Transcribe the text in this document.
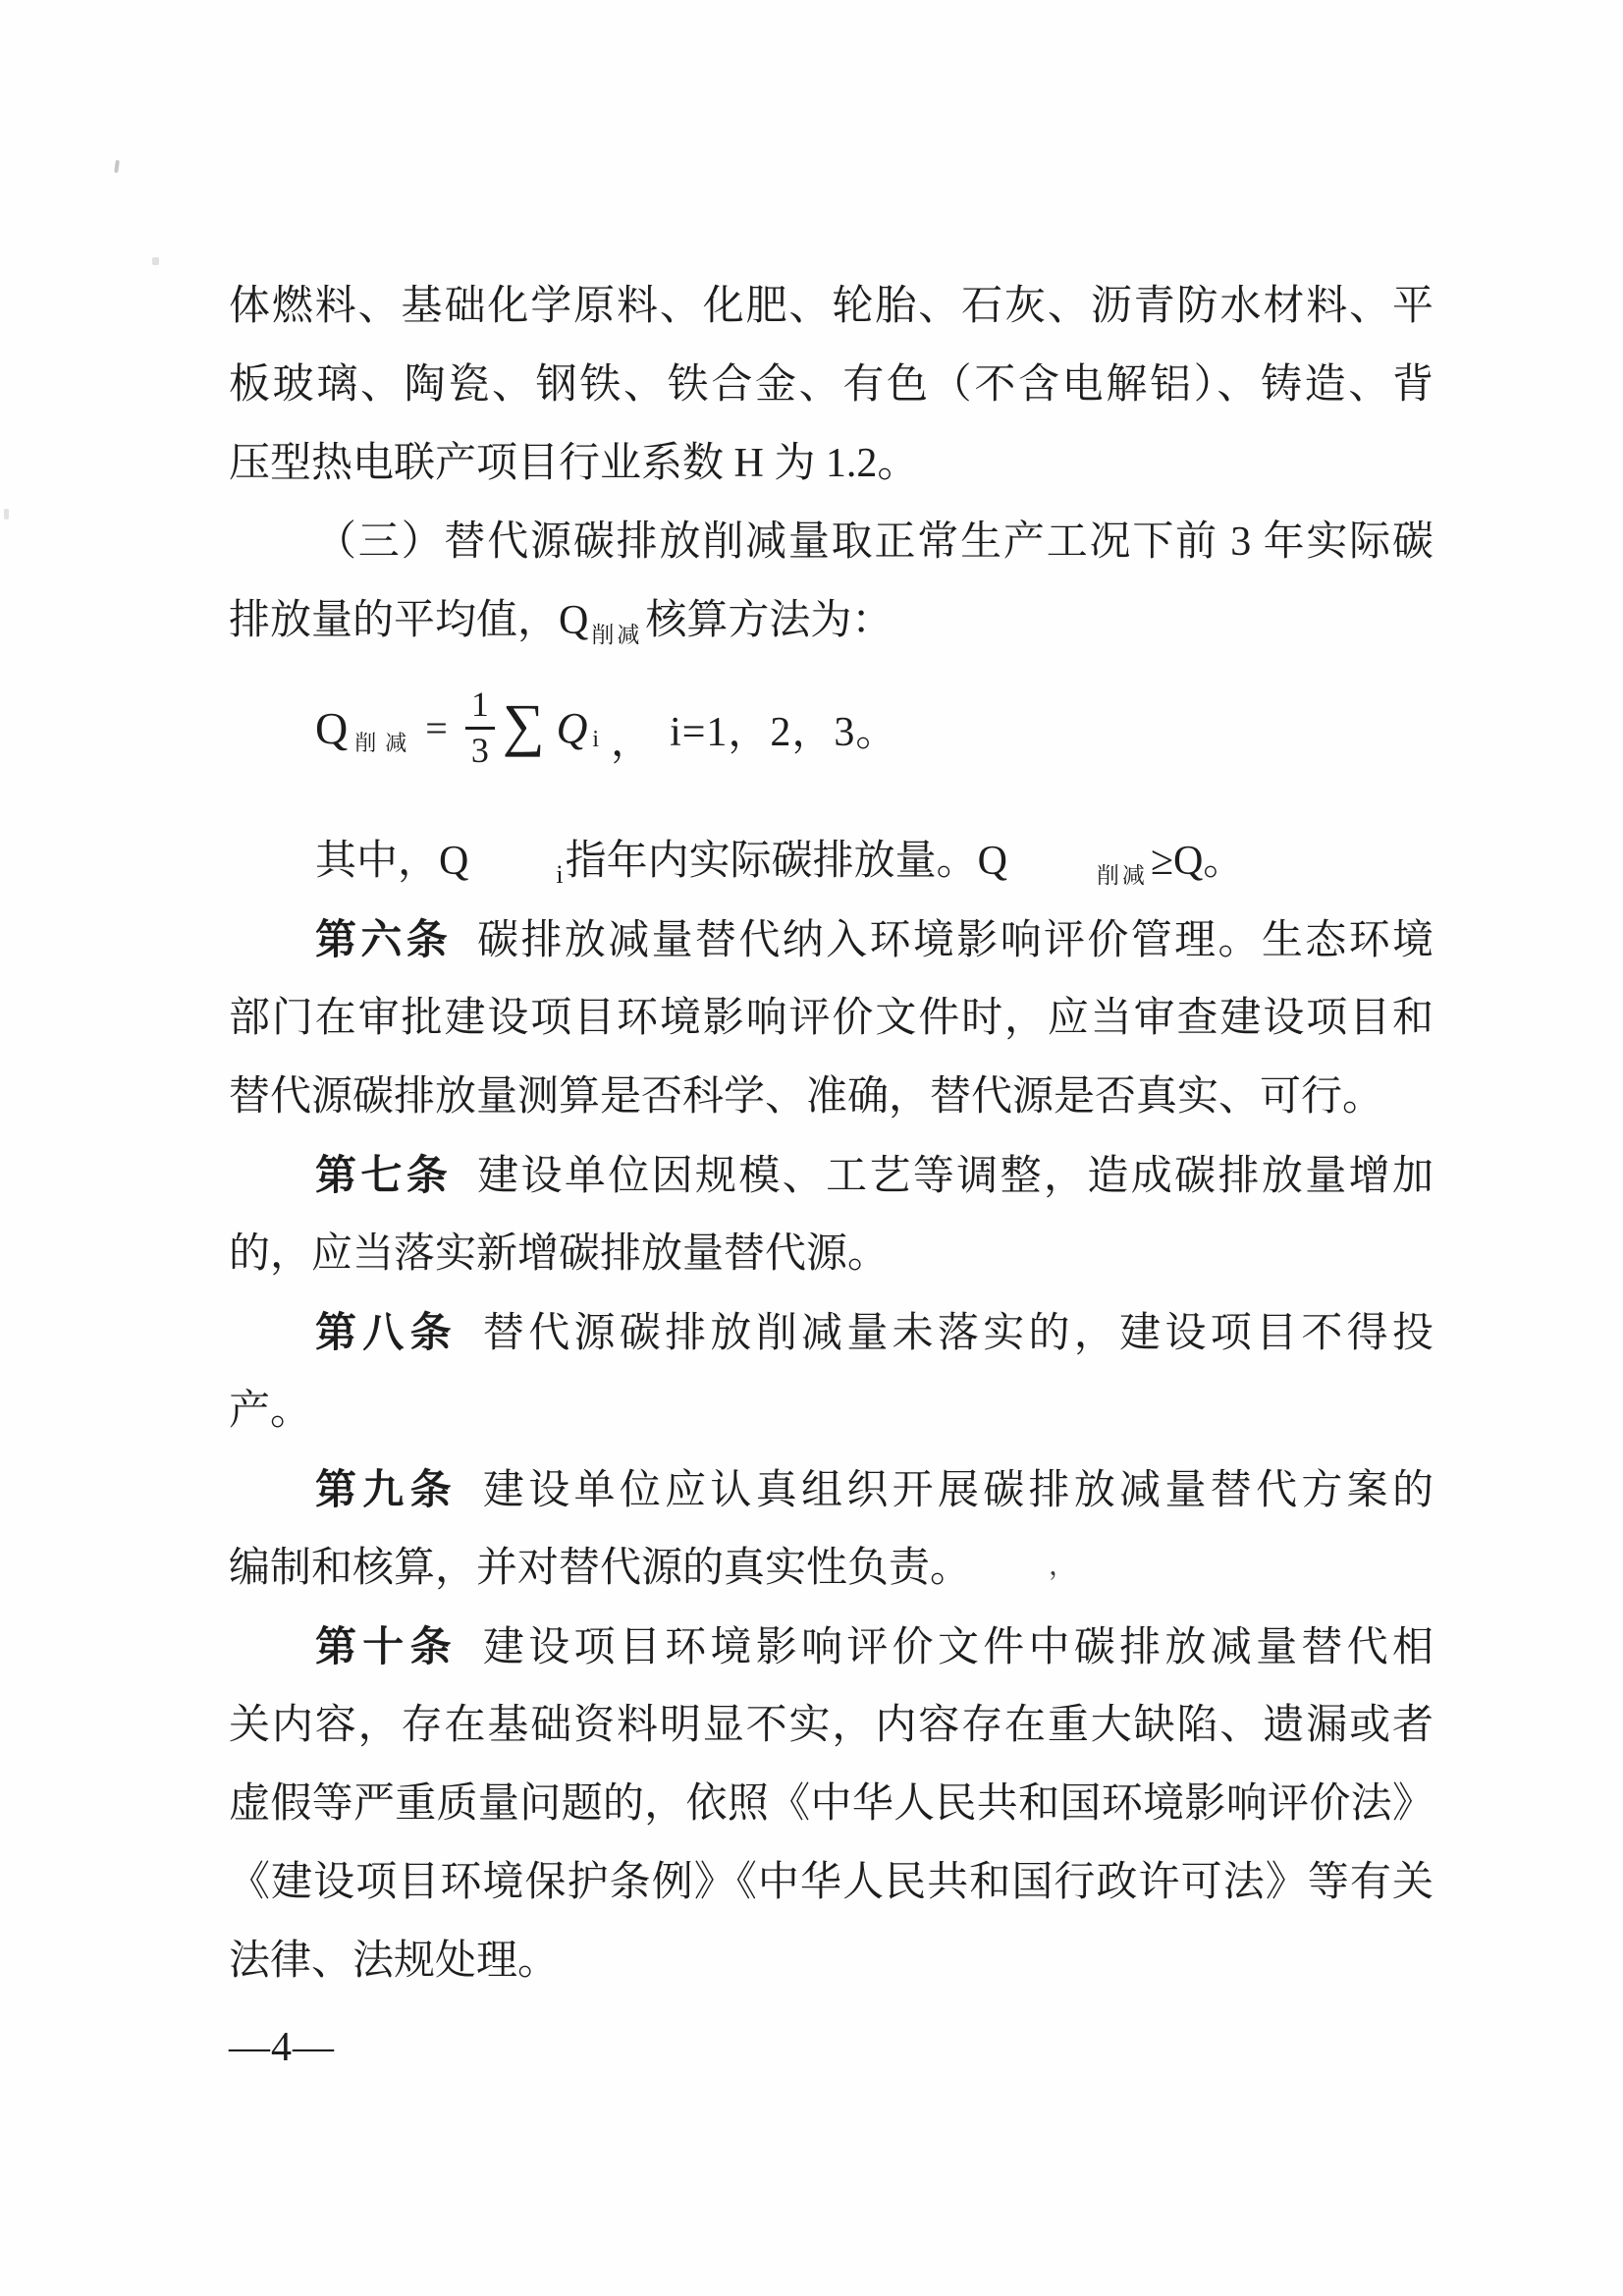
，
体燃料、基础化学原料、化肥、轮胎、石灰、沥青防水材料、平
板玻璃、陶瓷、钢铁、铁合金、有色（不含电解铝）、铸造、背
压型热电联产项目行业系数 H 为 1.2。
（三）替代源碳排放削减量取正常生产工况下前 3 年实际碳
排放量的平均值，Q 削减核算方法为：
Q 削减 = $\frac{1}{3}$ ∑ Q i ， i=1，2，3。
其中，Q	i指年内实际碳排放量。Q	削减≥Q。
第六条 碳排放减量替代纳入环境影响评价管理。生态环境
部门在审批建设项目环境影响评价文件时，应当审查建设项目和
替代源碳排放量测算是否科学、准确，替代源是否真实、可行。
第七条 建设单位因规模、工艺等调整，造成碳排放量增加
的，应当落实新增碳排放量替代源。
第八条 替代源碳排放削减量未落实的，建设项目不得投
产。
第九条 建设单位应认真组织开展碳排放减量替代方案的
编制和核算，并对替代源的真实性负责。
第十条 建设项目环境影响评价文件中碳排放减量替代相
关内容，存在基础资料明显不实，内容存在重大缺陷、遗漏或者
虚假等严重质量问题的，依照《中华人民共和国环境影响评价法》
《建设项目环境保护条例》《中华人民共和国行政许可法》等有关
法律、法规处理。
—4—
